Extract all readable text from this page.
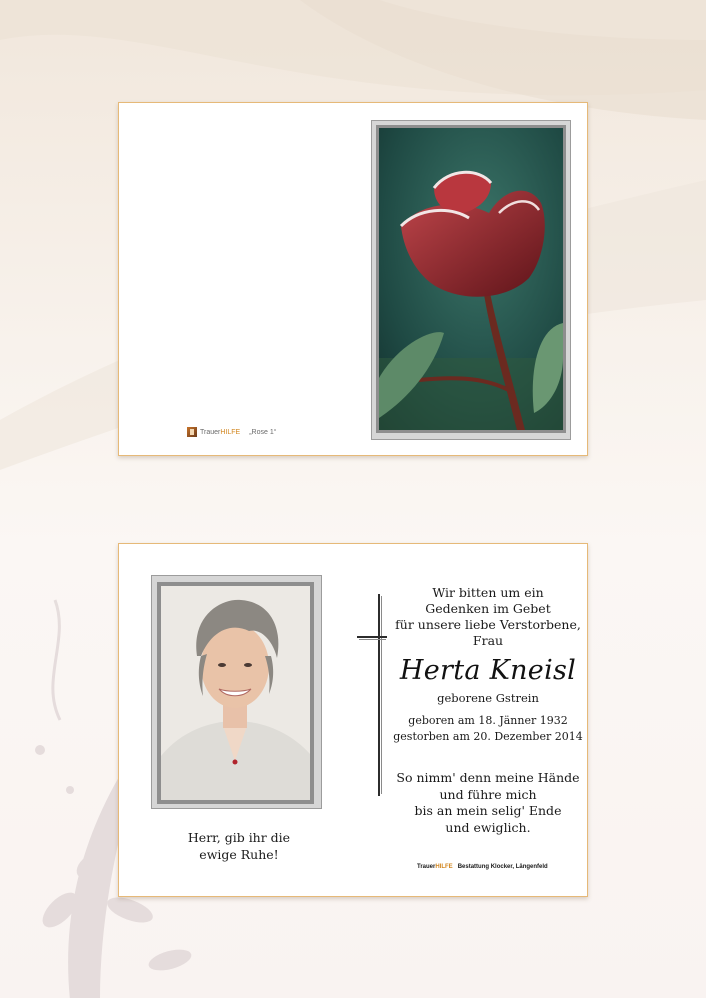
Trauer HILFE „Rose 1“
Herr, gib ihr die ewige Ruhe!
Wir bitten um ein
Gedenken im Gebet
für unsere liebe Verstorbene,
Frau
Herta Kneisl
geborene Gstrein
geboren am 18. Jänner 1932
gestorben am 20. Dezember 2014
So nimm' denn meine Hände
und führe mich
bis an mein selig' Ende
und ewiglich.
Trauer HILFE Bestattung Klocker, Längenfeld
